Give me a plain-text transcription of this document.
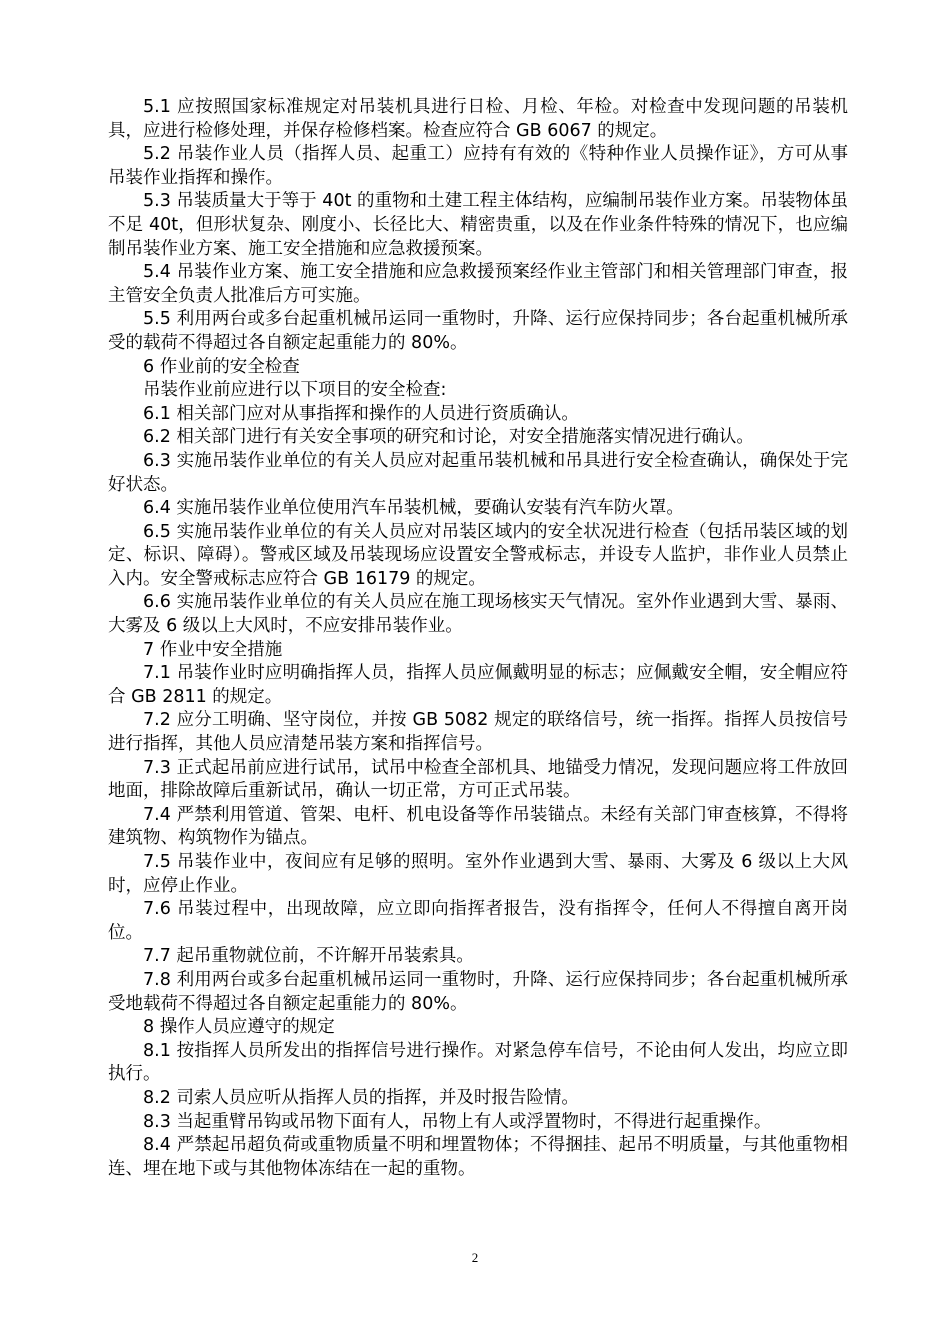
5.1 应按照国家标准规定对吊装机具进行日检、月检、年检。对检查中发现问题的吊装机具，应进行检修处理，并保存检修档案。检查应符合 GB 6067 的规定。

5.2 吊装作业人员（指挥人员、起重工）应持有有效的《特种作业人员操作证》，方可从事吊装作业指挥和操作。

5.3 吊装质量大于等于 40t 的重物和土建工程主体结构，应编制吊装作业方案。吊装物体虽不足 40t，但形状复杂、刚度小、长径比大、精密贵重，以及在作业条件特殊的情况下，也应编制吊装作业方案、施工安全措施和应急救援预案。

5.4 吊装作业方案、施工安全措施和应急救援预案经作业主管部门和相关管理部门审查，报主管安全负责人批准后方可实施。

5.5 利用两台或多台起重机械吊运同一重物时，升降、运行应保持同步；各台起重机械所承受的载荷不得超过各自额定起重能力的 80%。

6 作业前的安全检查

吊装作业前应进行以下项目的安全检查:

6.1 相关部门应对从事指挥和操作的人员进行资质确认。

6.2 相关部门进行有关安全事项的研究和讨论，对安全措施落实情况进行确认。

6.3 实施吊装作业单位的有关人员应对起重吊装机械和吊具进行安全检查确认，确保处于完好状态。

6.4 实施吊装作业单位使用汽车吊装机械，要确认安装有汽车防火罩。

6.5 实施吊装作业单位的有关人员应对吊装区域内的安全状况进行检查（包括吊装区域的划定、标识、障碍）。警戒区域及吊装现场应设置安全警戒标志，并设专人监护，非作业人员禁止入内。安全警戒标志应符合 GB 16179 的规定。

6.6 实施吊装作业单位的有关人员应在施工现场核实天气情况。室外作业遇到大雪、暴雨、大雾及 6 级以上大风时，不应安排吊装作业。

7 作业中安全措施

7.1 吊装作业时应明确指挥人员，指挥人员应佩戴明显的标志；应佩戴安全帽，安全帽应符合 GB 2811 的规定。

7.2 应分工明确、坚守岗位，并按 GB 5082 规定的联络信号，统一指挥。指挥人员按信号进行指挥，其他人员应清楚吊装方案和指挥信号。

7.3 正式起吊前应进行试吊，试吊中检查全部机具、地锚受力情况，发现问题应将工件放回地面，排除故障后重新试吊，确认一切正常，方可正式吊装。

7.4 严禁利用管道、管架、电杆、机电设备等作吊装锚点。未经有关部门审查核算，不得将建筑物、构筑物作为锚点。

7.5 吊装作业中，夜间应有足够的照明。室外作业遇到大雪、暴雨、大雾及 6 级以上大风时，应停止作业。

7.6 吊装过程中，出现故障，应立即向指挥者报告，没有指挥令，任何人不得擅自离开岗位。

7.7 起吊重物就位前，不许解开吊装索具。

7.8 利用两台或多台起重机械吊运同一重物时，升降、运行应保持同步；各台起重机械所承受地载荷不得超过各自额定起重能力的 80%。

8 操作人员应遵守的规定

8.1 按指挥人员所发出的指挥信号进行操作。对紧急停车信号，不论由何人发出，均应立即执行。

8.2 司索人员应听从指挥人员的指挥，并及时报告险情。

8.3 当起重臂吊钩或吊物下面有人，吊物上有人或浮置物时，不得进行起重操作。

8.4 严禁起吊超负荷或重物质量不明和埋置物体；不得捆挂、起吊不明质量，与其他重物相连、埋在地下或与其他物体冻结在一起的重物。

2
